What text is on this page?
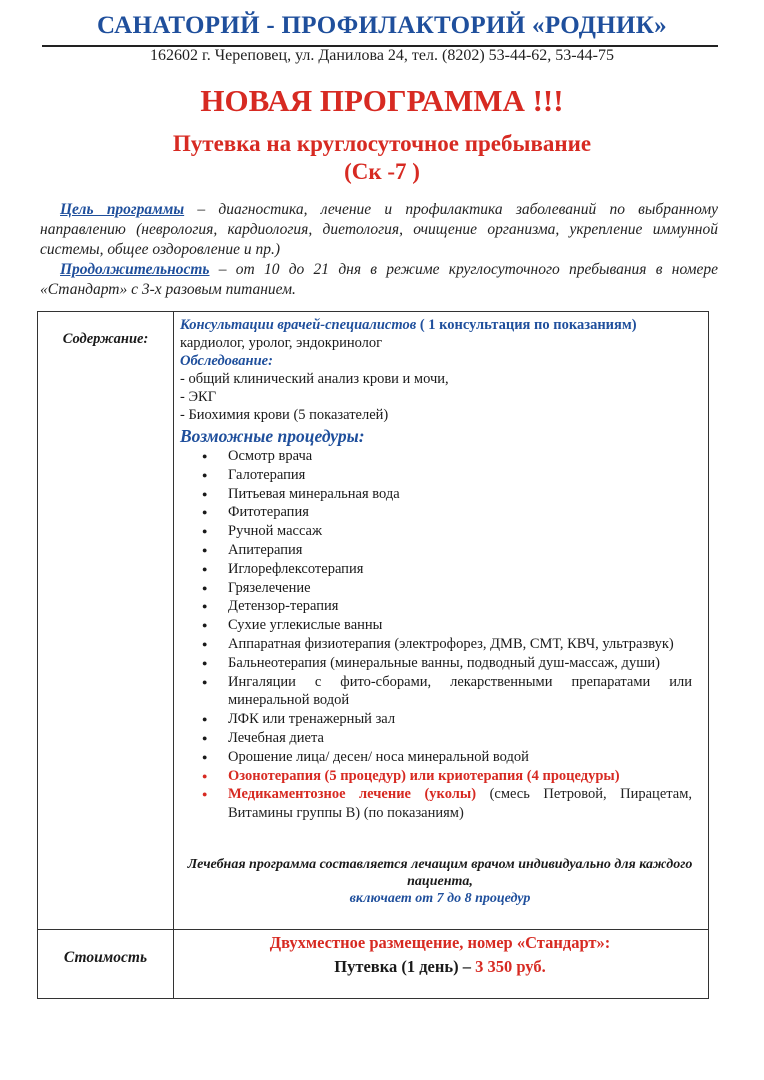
САНАТОРИЙ - ПРОФИЛАКТОРИЙ «РОДНИК»
162602 г. Череповец, ул. Данилова 24, тел. (8202) 53-44-62, 53-44-75
НОВАЯ ПРОГРАММА !!!
Путевка на круглосуточное пребывание
(Ск -7 )

Цель программы – диагностика, лечение и профилактика заболеваний по выбранному направлению (неврология, кардиология, диетология, очищение организма, укрепление иммунной системы, общее оздоровление и пр.)

Продолжительность – от 10 до 21 дня в режиме круглосуточного пребывания в номере «Стандарт» с 3-х разовым питанием.

Содержание:

Консультации врачей-специалистов ( 1 консультация по показаниям)

кардиолог, уролог, эндокринолог

Обследование:

- общий клинический анализ крови и мочи,

- ЭКГ

- Биохимия крови (5 показателей)

Возможные процедуры:
● Осмотр врача
● Галотерапия
● Питьевая минеральная вода
● Фитотерапия
● Ручной массаж
● Апитерапия
● Иглорефлексотерапия
● Грязелечение
● Детензор-терапия
● Сухие углекислые ванны
● Аппаратная физиотерапия (электрофорез, ДМВ, СМТ, КВЧ, ультразвук)
● Бальнеотерапия (минеральные ванны, подводный душ-массаж, души)
● Ингаляции с фито-сборами, лекарственными препаратами или минеральной водой
● ЛФК или тренажерный зал
● Лечебная диета
● Орошение лица/ десен/ носа минеральной водой
● Озонотерапия (5 процедур) или криотерапия (4 процедуры)
● Медикаментозное лечение (уколы) (смесь Петровой, Пирацетам, Витамины группы В) (по показаниям)
Лечебная программа составляется лечащим врачом индивидуально для каждого пациента,
включает от 7 до 8 процедур
Стоимость
Двухместное размещение, номер «Стандарт»:
Путевка (1 день) – 3 350 руб.
